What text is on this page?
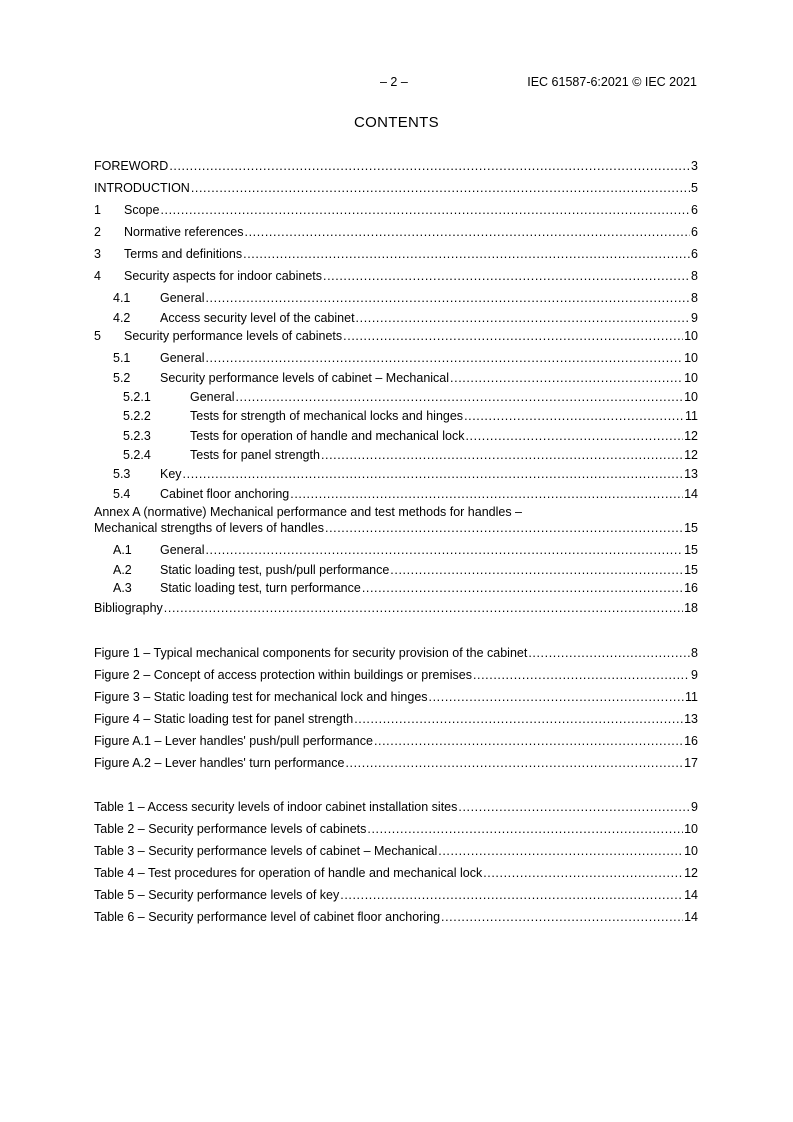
– 2 –	IEC 61587-6:2021 © IEC 2021
CONTENTS
FOREWORD .....	3
INTRODUCTION .....	5
1	Scope .....	6
2	Normative references .....	6
3	Terms and definitions .....	6
4	Security aspects for indoor cabinets .....	8
4.1	General .....	8
4.2	Access security level of the cabinet .....	9
5	Security performance levels of cabinets .....	10
5.1	General .....	10
5.2	Security performance levels of cabinet – Mechanical .....	10
5.2.1	General .....	10
5.2.2	Tests for strength of mechanical locks and hinges .....	11
5.2.3	Tests for operation of handle and mechanical lock .....	12
5.2.4	Tests for panel strength .....	12
5.3	Key .....	13
5.4	Cabinet floor anchoring .....	14
Annex A (normative) Mechanical performance and test methods for handles –
Mechanical strengths of levers of handles .....	15
A.1	General .....	15
A.2	Static loading test, push/pull performance .....	15
A.3	Static loading test, turn performance .....	16
Bibliography .....	18
Figure 1 – Typical mechanical components for security provision of the cabinet .....	8
Figure 2 – Concept of access protection within buildings or premises .....	9
Figure 3 – Static loading test for mechanical lock and hinges .....	11
Figure 4 – Static loading test for panel strength .....	13
Figure A.1 – Lever handles' push/pull performance .....	16
Figure A.2 – Lever handles' turn performance .....	17
Table 1 – Access security levels of indoor cabinet installation sites .....	9
Table 2 – Security performance levels of cabinets .....	10
Table 3 – Security performance levels of cabinet – Mechanical .....	10
Table 4 – Test procedures for operation of handle and mechanical lock .....	12
Table 5 – Security performance levels of key .....	14
Table 6 – Security performance level of cabinet floor anchoring .....	14
